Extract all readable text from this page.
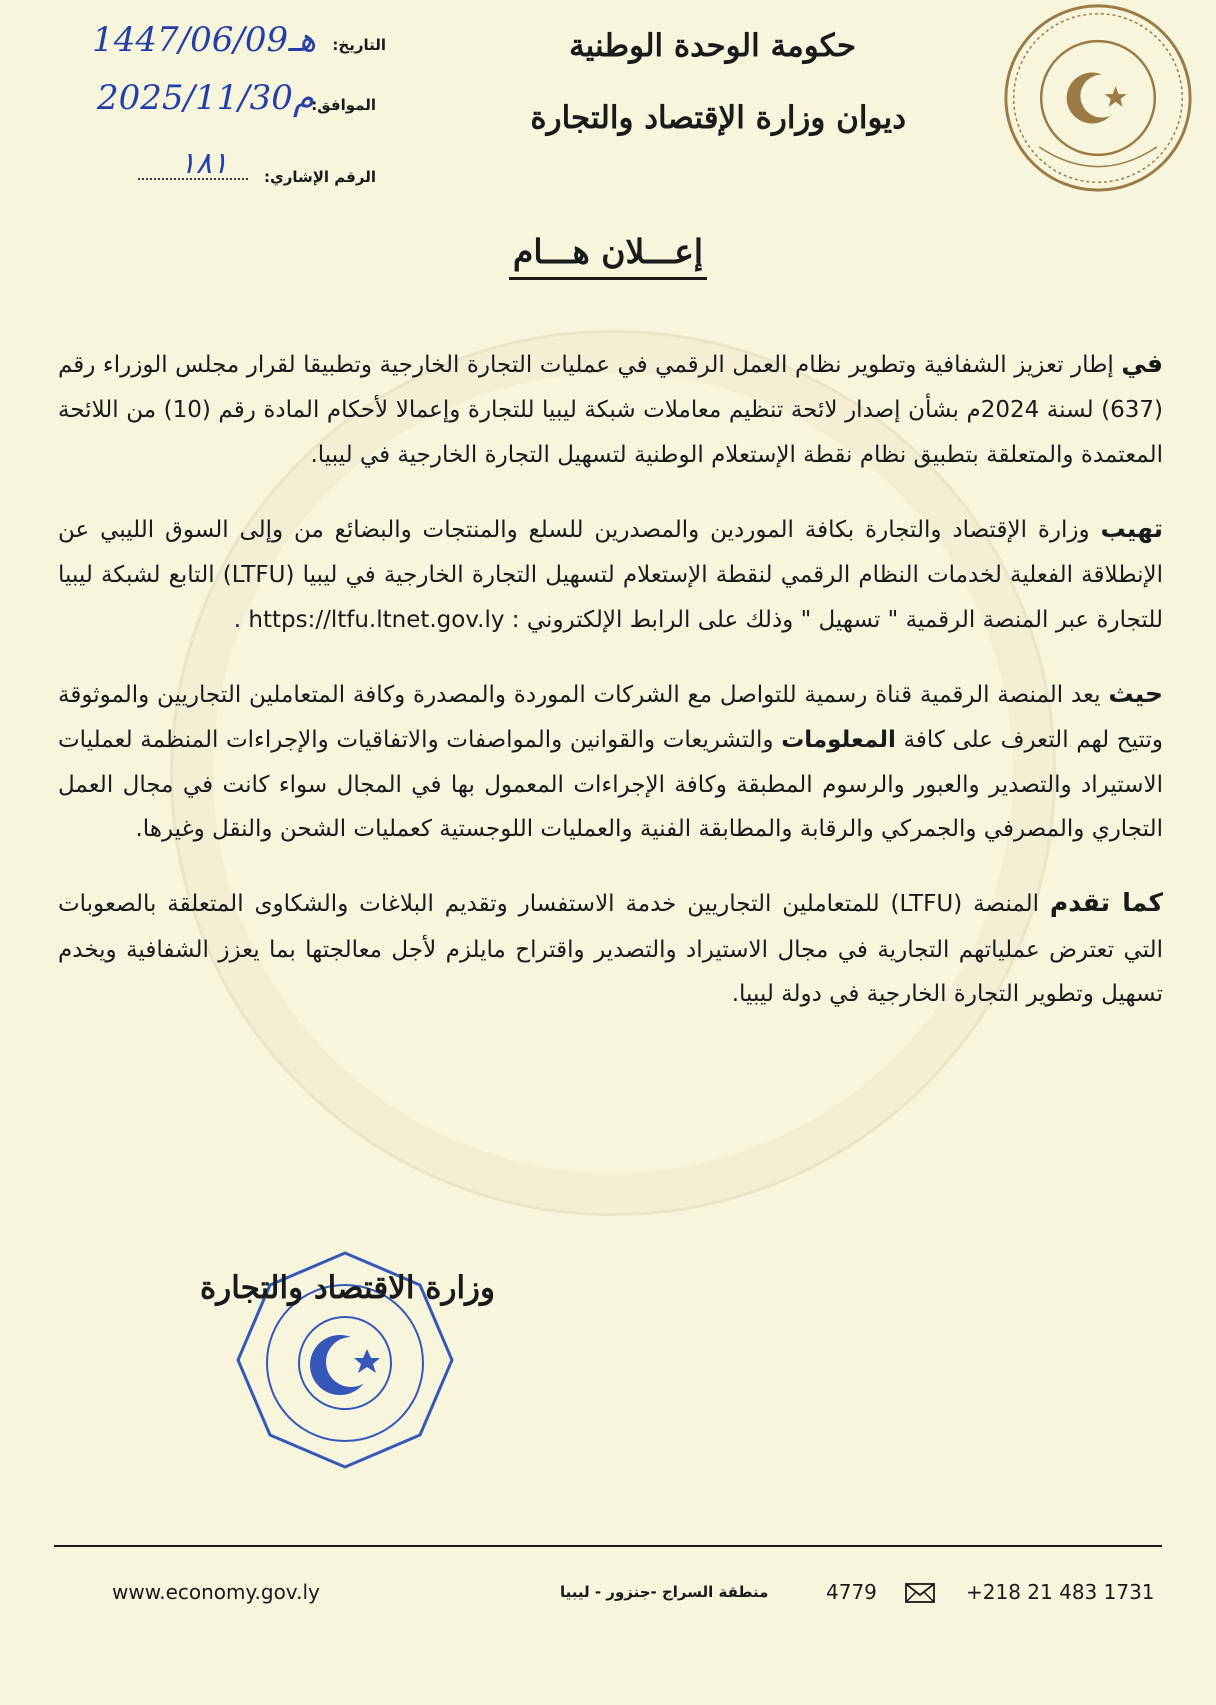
حكومة الوحدة الوطنية
ديوان وزارة الإقتصاد والتجارة
التاريخ:
1447/06/09هـ
الموافق:
2025/11/30م
الرقم الإشاري:
١٨١
إعـــلان هـــام

في إطار تعزيز الشفافية وتطوير نظام العمل الرقمي في عمليات التجارة الخارجية وتطبيقا لقرار مجلس الوزراء رقم (637) لسنة 2024م بشأن إصدار لائحة تنظيم معاملات شبكة ليبيا للتجارة وإعمالا لأحكام المادة رقم (10) من اللائحة المعتمدة والمتعلقة بتطبيق نظام نقطة الإستعلام الوطنية لتسهيل التجارة الخارجية في ليبيا.

تهيب وزارة الإقتصاد والتجارة بكافة الموردين والمصدرين للسلع والمنتجات والبضائع من وإلى السوق الليبي عن الإنطلاقة الفعلية لخدمات النظام الرقمي لنقطة الإستعلام لتسهيل التجارة الخارجية في ليبيا (LTFU) التابع لشبكة ليبيا للتجارة عبر المنصة الرقمية " تسهيل " وذلك على الرابط الإلكتروني : https://ltfu.ltnet.gov.ly .

حيث يعد المنصة الرقمية قناة رسمية للتواصل مع الشركات الموردة والمصدرة وكافة المتعاملين التجاريين والموثوقة وتتيح لهم التعرف على كافة المعلومات والتشريعات والقوانين والمواصفات والاتفاقيات والإجراءات المنظمة لعمليات الاستيراد والتصدير والعبور والرسوم المطبقة وكافة الإجراءات المعمول بها في المجال سواء كانت في مجال العمل التجاري والمصرفي والجمركي والرقابة والمطابقة الفنية والعمليات اللوجستية كعمليات الشحن والنقل وغيرها.

كما تقدم المنصة (LTFU) للمتعاملين التجاريين خدمة الاستفسار وتقديم البلاغات والشكاوى المتعلقة بالصعوبات التي تعترض عملياتهم التجارية في مجال الاستيراد والتصدير واقتراح مايلزم لأجل معالجتها بما يعزز الشفافية ويخدم تسهيل وتطوير التجارة الخارجية في دولة ليبيا.

وزارة الاقتصاد والتجارة
www.economy.gov.ly	منطقة السراج -جنزور - ليبيا	4779	+218 21 483 1731
